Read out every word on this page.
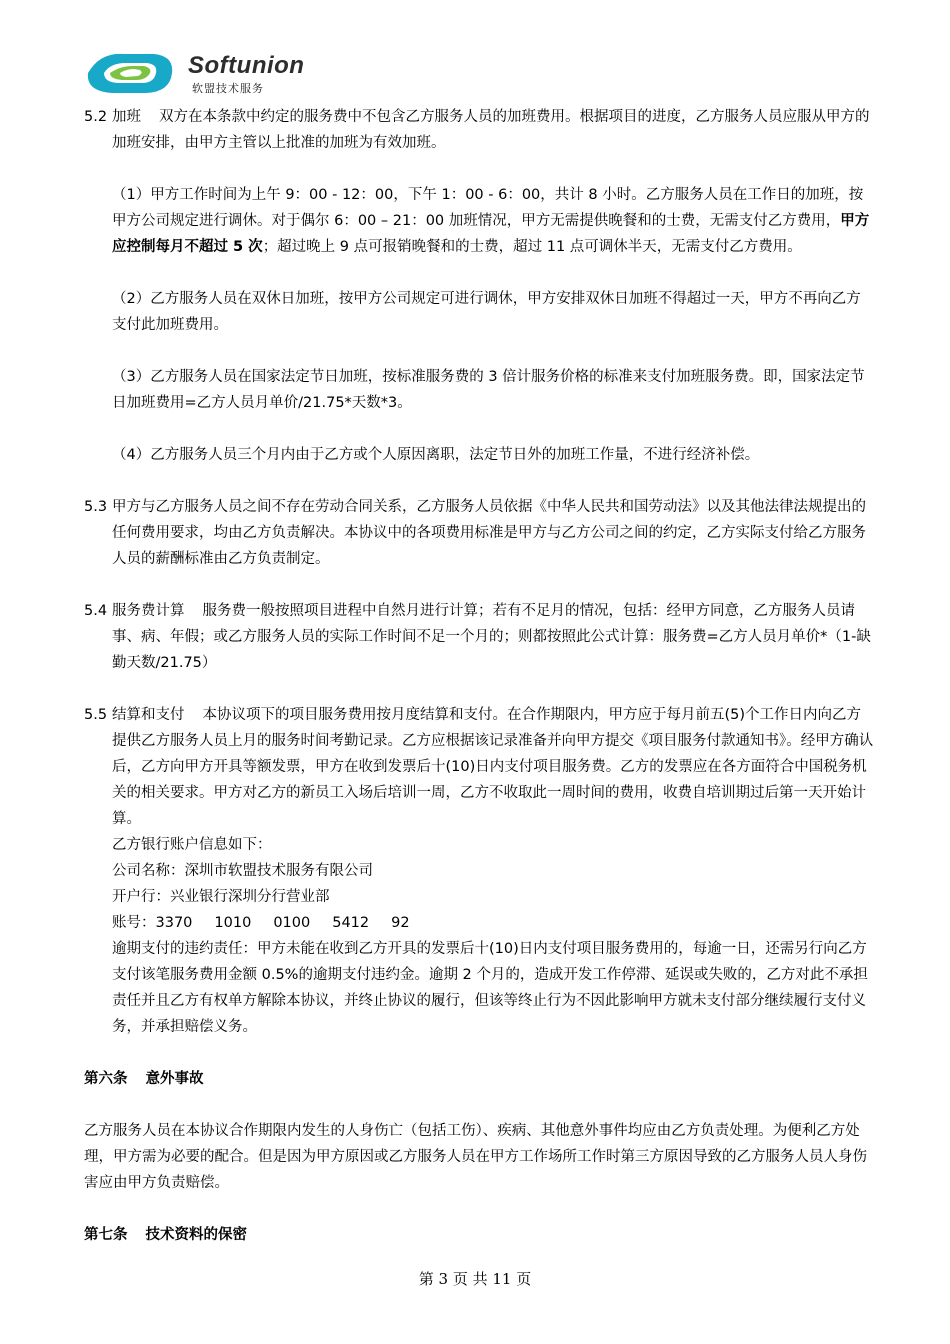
Softunion
软盟技术服务
5.2 加班 双方在本条款中约定的服务费中不包含乙方服务人员的加班费用。根据项目的进度，乙方服务人员应服从甲方的加班安排，由甲方主管以上批准的加班为有效加班。

（1）甲方工作时间为上午 9：00 - 12：00，下午 1：00 - 6：00，共计 8 小时。乙方服务人员在工作日的加班，按甲方公司规定进行调休。对于偶尔 6：00 – 21：00 加班情况，甲方无需提供晚餐和的士费，无需支付乙方费用，甲方应控制每月不超过 5 次；超过晚上 9 点可报销晚餐和的士费，超过 11 点可调休半天，无需支付乙方费用。

（2）乙方服务人员在双休日加班，按甲方公司规定可进行调休，甲方安排双休日加班不得超过一天，甲方不再向乙方支付此加班费用。

（3）乙方服务人员在国家法定节日加班，按标准服务费的 3 倍计服务价格的标准来支付加班服务费。即，国家法定节日加班费用=乙方人员月单价/21.75*天数*3。

（4）乙方服务人员三个月内由于乙方或个人原因离职，法定节日外的加班工作量，不进行经济补偿。

5.3 甲方与乙方服务人员之间不存在劳动合同关系，乙方服务人员依据《中华人民共和国劳动法》以及其他法律法规提出的任何费用要求，均由乙方负责解决。本协议中的各项费用标准是甲方与乙方公司之间的约定，乙方实际支付给乙方服务人员的薪酬标准由乙方负责制定。

5.4 服务费计算 服务费一般按照项目进程中自然月进行计算；若有不足月的情况，包括：经甲方同意，乙方服务人员请事、病、年假；或乙方服务人员的实际工作时间不足一个月的；则都按照此公式计算：服务费=乙方人员月单价*（1-缺勤天数/21.75）

5.5 结算和支付 本协议项下的项目服务费用按月度结算和支付。在合作期限内，甲方应于每月前五(5)个工作日内向乙方提供乙方服务人员上月的服务时间考勤记录。乙方应根据该记录准备并向甲方提交《项目服务付款通知书》。经甲方确认后，乙方向甲方开具等额发票，甲方在收到发票后十(10)日内支付项目服务费。乙方的发票应在各方面符合中国税务机关的相关要求。甲方对乙方的新员工入场后培训一周，乙方不收取此一周时间的费用，收费自培训期过后第一天开始计算。

乙方银行账户信息如下：

公司名称：深圳市软盟技术服务有限公司

开户行：兴业银行深圳分行营业部

账号：3370 1010 0100 5412 92

逾期支付的违约责任：甲方未能在收到乙方开具的发票后十(10)日内支付项目服务费用的，每逾一日，还需另行向乙方支付该笔服务费用金额 0.5%的逾期支付违约金。逾期 2 个月的，造成开发工作停滞、延误或失败的，乙方对此不承担责任并且乙方有权单方解除本协议，并终止协议的履行，但该等终止行为不因此影响甲方就未支付部分继续履行支付义务，并承担赔偿义务。

第六条 意外事故

乙方服务人员在本协议合作期限内发生的人身伤亡（包括工伤）、疾病、其他意外事件均应由乙方负责处理。为便利乙方处理，甲方需为必要的配合。但是因为甲方原因或乙方服务人员在甲方工作场所工作时第三方原因导致的乙方服务人员人身伤害应由甲方负责赔偿。

第七条 技术资料的保密

第 3 页 共 11 页
